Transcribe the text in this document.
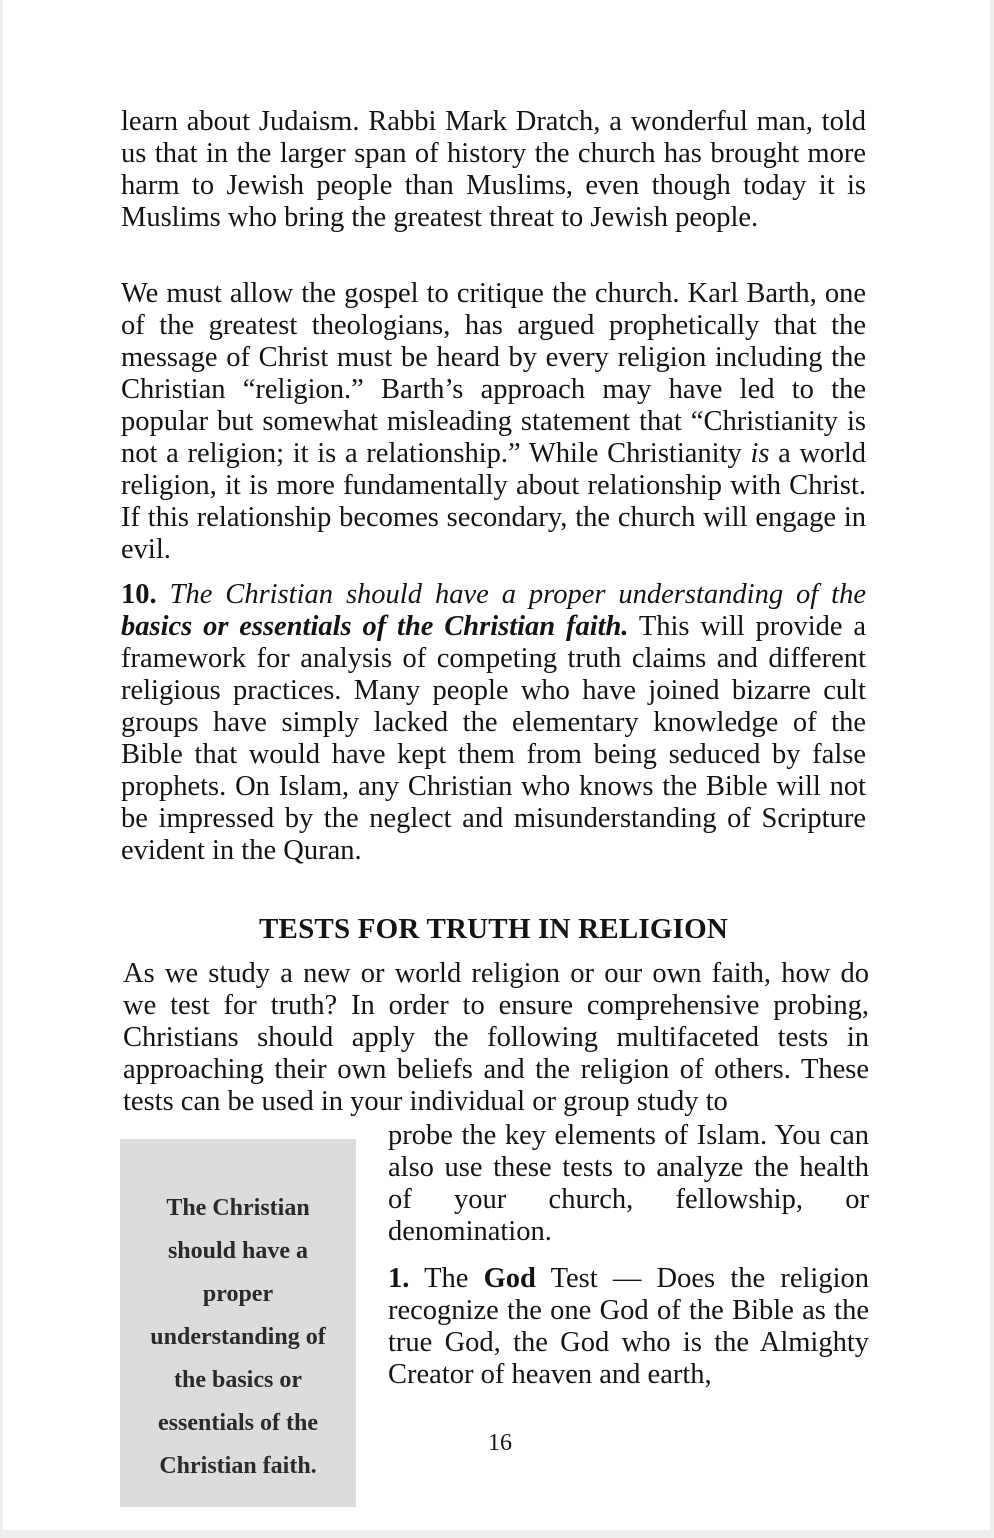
learn about Judaism. Rabbi Mark Dratch, a wonderful man, told us that in the larger span of history the church has brought more harm to Jewish people than Muslims, even though today it is Muslims who bring the greatest threat to Jewish people.

We must allow the gospel to critique the church. Karl Barth, one of the greatest theologians, has argued prophetically that the message of Christ must be heard by every religion including the Christian “religion.” Barth’s approach may have led to the popular but somewhat misleading statement that “Christianity is not a religion; it is a relationship.” While Christianity is a world religion, it is more fundamentally about relationship with Christ. If this relationship becomes secondary, the church will engage in evil.

10. The Christian should have a proper understanding of the basics or essentials of the Christian faith. This will provide a framework for analysis of competing truth claims and different religious practices. Many people who have joined bizarre cult groups have simply lacked the elementary knowledge of the Bible that would have kept them from being seduced by false prophets. On Islam, any Christian who knows the Bible will not be impressed by the neglect and misunderstanding of Scripture evident in the Quran.

TESTS FOR TRUTH IN RELIGION

As we study a new or world religion or our own faith, how do we test for truth? In order to ensure comprehensive probing, Christians should apply the following multifaceted tests in approaching their own beliefs and the religion of others. These tests can be used in your individual or group study to

The Christian
should have a
proper
understanding of
the basics or
essentials of the
Christian faith.

probe the key elements of Islam. You can also use these tests to analyze the health of your church, fellowship, or denomination.

1. The God Test — Does the religion recognize the one God of the Bible as the true God, the God who is the Almighty Creator of heaven and earth,

16
